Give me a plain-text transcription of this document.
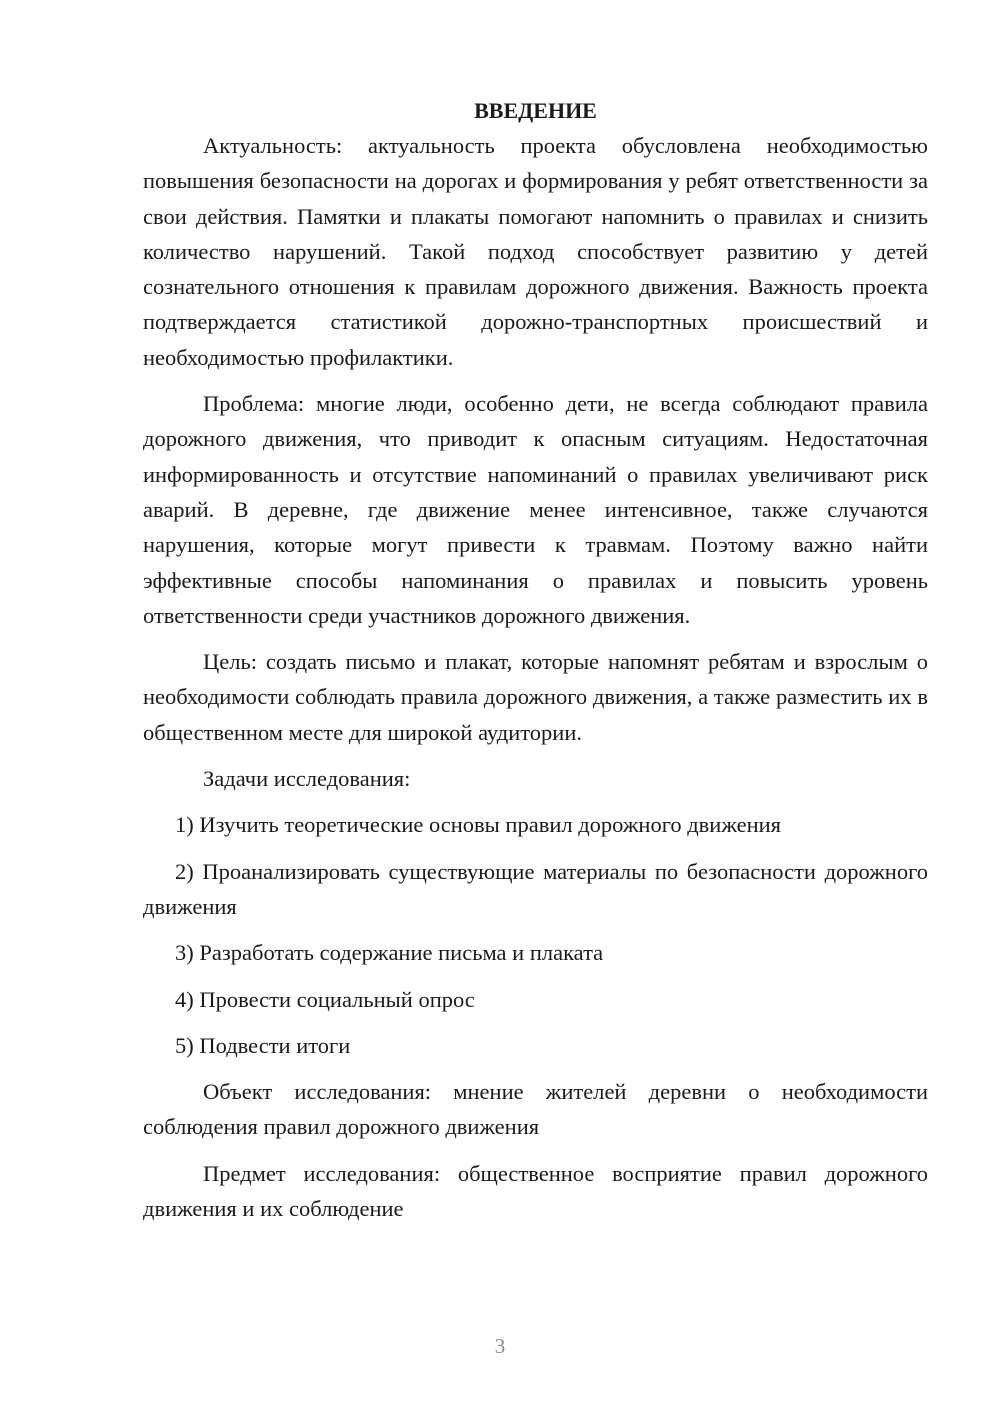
ВВЕДЕНИЕ

Актуальность: актуальность проекта обусловлена необходимостью повышения безопасности на дорогах и формирования у ребят ответственности за свои действия. Памятки и плакаты помогают напомнить о правилах и снизить количество нарушений. Такой подход способствует развитию у детей сознательного отношения к правилам дорожного движения. Важность проекта подтверждается статистикой дорожно-транспортных происшествий и необходимостью профилактики.

Проблема: многие люди, особенно дети, не всегда соблюдают правила дорожного движения, что приводит к опасным ситуациям. Недостаточная информированность и отсутствие напоминаний о правилах увеличивают риск аварий. В деревне, где движение менее интенсивное, также случаются нарушения, которые могут привести к травмам. Поэтому важно найти эффективные способы напоминания о правилах и повысить уровень ответственности среди участников дорожного движения.

Цель: создать письмо и плакат, которые напомнят ребятам и взрослым о необходимости соблюдать правила дорожного движения, а также разместить их в общественном месте для широкой аудитории.

Задачи исследования:

1) Изучить теоретические основы правил дорожного движения

2) Проанализировать существующие материалы по безопасности дорожного движения

3) Разработать содержание письма и плаката

4) Провести социальный опрос

5) Подвести итоги

Объект исследования: мнение жителей деревни о необходимости соблюдения правил дорожного движения

Предмет исследования: общественное восприятие правил дорожного движения и их соблюдение

3
